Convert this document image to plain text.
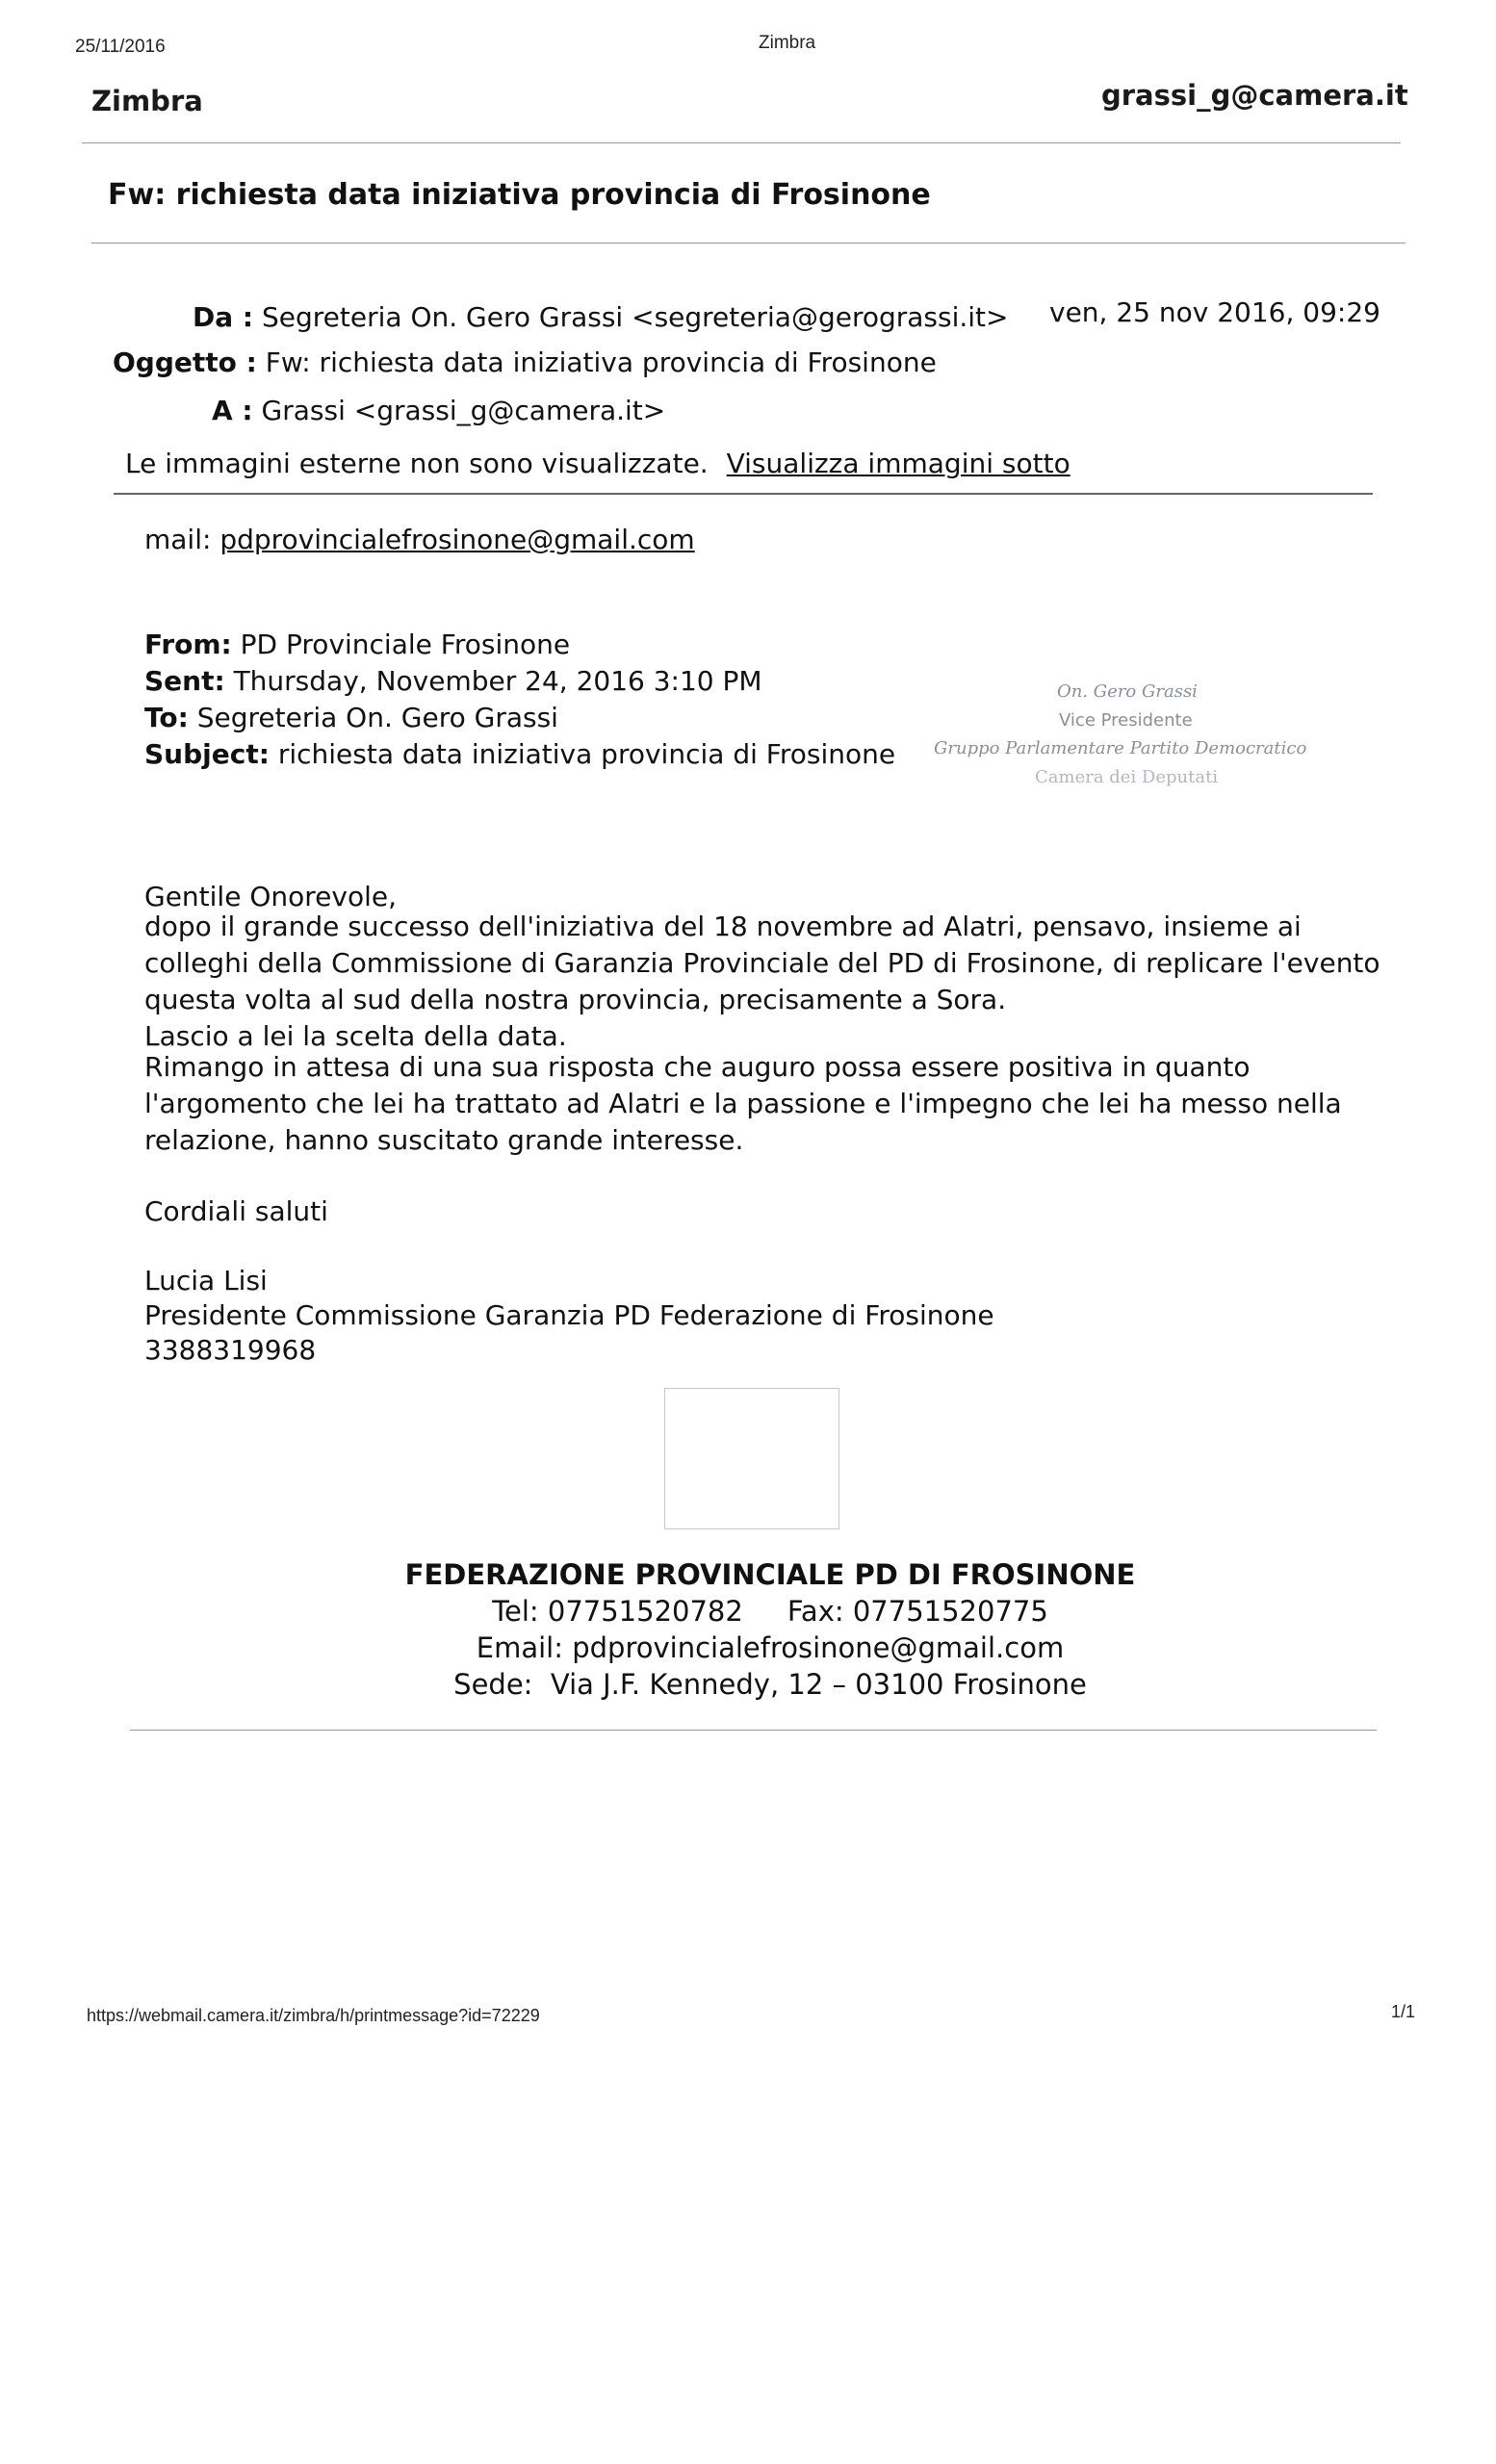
25/11/2016	Zimbra
Zimbra	grassi_g@camera.it
Fw: richiesta data iniziativa provincia di Frosinone
Da : Segreteria On. Gero Grassi <segreteria@gerograssi.it> ven, 25 nov 2016, 09:29
Oggetto : Fw: richiesta data iniziativa provincia di Frosinone
A : Grassi <grassi_g@camera.it>
Le immagini esterne non sono visualizzate. Visualizza immagini sotto
mail: pdprovincialefrosinone@gmail.com
From: PD Provinciale Frosinone
Sent: Thursday, November 24, 2016 3:10 PM
To: Segreteria On. Gero Grassi
Subject: richiesta data iniziativa provincia di Frosinone
On. Gero Grassi
Vice Presidente
Gruppo Parlamentare Partito Democratico
Camera dei Deputati
Gentile Onorevole,
dopo il grande successo dell'iniziativa del 18 novembre ad Alatri, pensavo, insieme ai
colleghi della Commissione di Garanzia Provinciale del PD di Frosinone, di replicare l'evento
questa volta al sud della nostra provincia, precisamente a Sora.
Lascio a lei la scelta della data.
Rimango in attesa di una sua risposta che auguro possa essere positiva in quanto
l'argomento che lei ha trattato ad Alatri e la passione e l'impegno che lei ha messo nella
relazione, hanno suscitato grande interesse.
Cordiali saluti
Lucia Lisi
Presidente Commissione Garanzia PD Federazione di Frosinone
3388319968
FEDERAZIONE PROVINCIALE PD DI FROSINONE
Tel: 07751520782     Fax: 07751520775
Email: pdprovincialefrosinone@gmail.com
Sede:  Via J.F. Kennedy, 12 – 03100 Frosinone
https://webmail.camera.it/zimbra/h/printmessage?id=72229	1/1
